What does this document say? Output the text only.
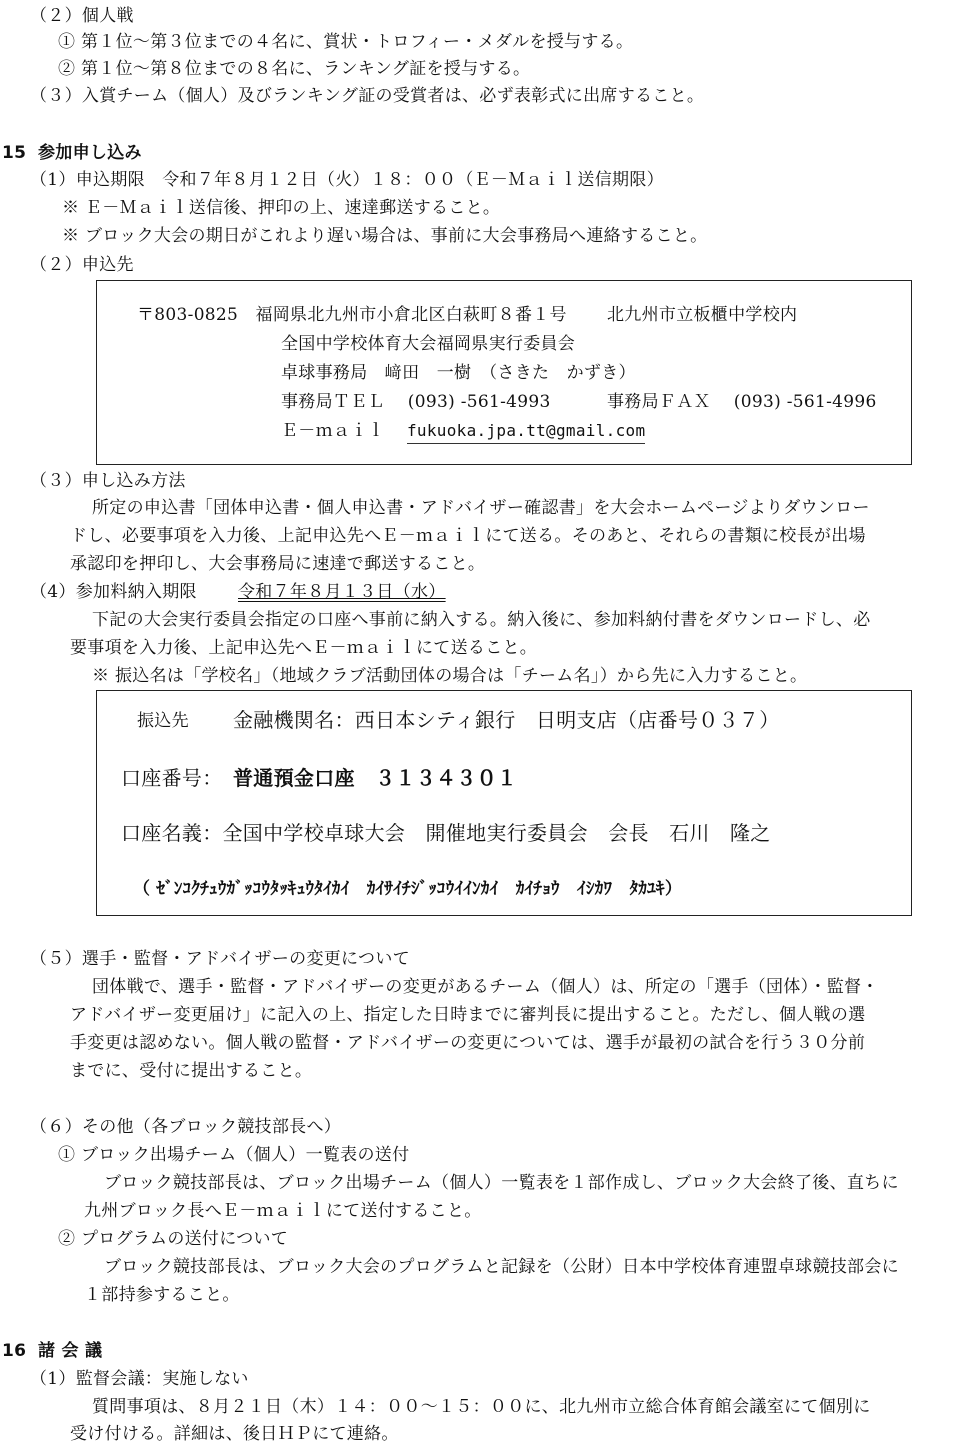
（２）個人戦
① 第１位～第３位までの４名に、賞状・トロフィー・メダルを授与する。
② 第１位～第８位までの８名に、ランキング証を授与する。
（３）入賞チーム（個人）及びランキング証の受賞者は、必ず表彰式に出席すること。
15 参加申し込み
（1）申込期限　令和７年８月１２日（火）１８：００（Ｅ－Ｍａｉｌ送信期限）
※ Ｅ－Ｍａｉｌ送信後、押印の上、速達郵送すること。
※ ブロック大会の期日がこれより遅い場合は、事前に大会事務局へ連絡すること。
（２）申込先
〒803-0825　福岡県北九州市小倉北区白萩町８番１号 北九州市立板櫃中学校内
全国中学校体育大会福岡県実行委員会
卓球事務局　﨑田　一樹　（さきた　かずき）
事務局ＴＥＬ　 (093) -561-4993	事務局ＦＡＸ　 (093) -561-4996
Ｅ－ｍａｉｌ fukuoka.jpa.tt@gmail.com
（３）申し込み方法
所定の申込書「団体申込書・個人申込書・アドバイザー確認書」を大会ホームページよりダウンロー
ドし、必要事項を入力後、上記申込先へＥ－ｍａｉｌにて送る。そのあと、それらの書類に校長が出場
承認印を押印し、大会事務局に速達で郵送すること。
（4）参加料納入期限 令和７年８月１３日（水）
下記の大会実行委員会指定の口座へ事前に納入する。納入後に、参加料納付書をダウンロードし、必
要事項を入力後、上記申込先へＥ－ｍａｉｌにて送ること。
※ 振込名は「学校名」（地域クラブ活動団体の場合は「チーム名」）から先に入力すること。
振込先 金融機関名：西日本シティ銀行　日明支店（店番号０３７）
口座番号： 普通預金口座　３１３４３０１
口座名義：全国中学校卓球大会　開催地実行委員会　会長　石川　隆之
（ ｾﾞﾝｺｸﾁｭｳｶﾞｯｺｳﾀｯｷｭｳﾀｲｶｲ　ｶｲｻｲﾁｼﾞｯｺｳｲｲﾝｶｲ　ｶｲﾁｮｳ　ｲｼｶﾜ　ﾀｶﾕｷ）
（５）選手・監督・アドバイザーの変更について
団体戦で、選手・監督・アドバイザーの変更があるチーム（個人）は、所定の「選手（団体）・監督・
アドバイザー変更届け」に記入の上、指定した日時までに審判長に提出すること。ただし、個人戦の選
手変更は認めない。個人戦の監督・アドバイザーの変更については、選手が最初の試合を行う３０分前
までに、受付に提出すること。
（６）その他（各ブロック競技部長へ）
① ブロック出場チーム（個人）一覧表の送付
ブロック競技部長は、ブロック出場チーム（個人）一覧表を１部作成し、ブロック大会終了後、直ちに
九州ブロック長へＥ－ｍａｉｌにて送付すること。
② プログラムの送付について
ブロック競技部長は、ブロック大会のプログラムと記録を（公財）日本中学校体育連盟卓球競技部会に
１部持参すること。
16 諸 会 議
（1）監督会議：実施しない
質問事項は、８月２１日（木）１４：００～１５：００に、北九州市立総合体育館会議室にて個別に
受け付ける。詳細は、後日ＨＰにて連絡。
